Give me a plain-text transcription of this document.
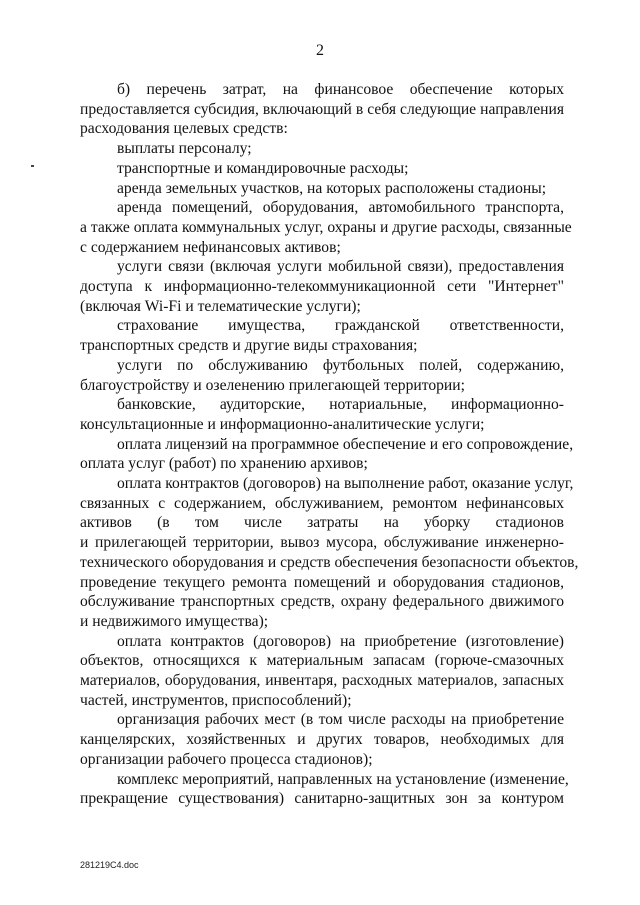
2
б) перечень затрат, на финансовое обеспечение которых
предоставляется субсидия, включающий в себя следующие направления
расходования целевых средств:
выплаты персоналу;
транспортные и командировочные расходы;
аренда земельных участков, на которых расположены стадионы;
аренда помещений, оборудования, автомобильного транспорта,
а также оплата коммунальных услуг, охраны и другие расходы, связанные
с содержанием нефинансовых активов;
услуги связи (включая услуги мобильной связи), предоставления
доступа к информационно-телекоммуникационной сети "Интернет"
(включая Wi-Fi и телематические услуги);
страхование имущества, гражданской ответственности,
транспортных средств и другие виды страхования;
услуги по обслуживанию футбольных полей, содержанию,
благоустройству и озеленению прилегающей территории;
банковские, аудиторские, нотариальные, информационно-
консультационные и информационно-аналитические услуги;
оплата лицензий на программное обеспечение и его сопровождение,
оплата услуг (работ) по хранению архивов;
оплата контрактов (договоров) на выполнение работ, оказание услуг,
связанных с содержанием, обслуживанием, ремонтом нефинансовых
активов (в том числе затраты на уборку стадионов
и прилегающей территории, вывоз мусора, обслуживание инженерно-
технического оборудования и средств обеспечения безопасности объектов,
проведение текущего ремонта помещений и оборудования стадионов,
обслуживание транспортных средств, охрану федерального движимого
и недвижимого имущества);
оплата контрактов (договоров) на приобретение (изготовление)
объектов, относящихся к материальным запасам (горюче-смазочных
материалов, оборудования, инвентаря, расходных материалов, запасных
частей, инструментов, приспособлений);
организация рабочих мест (в том числе расходы на приобретение
канцелярских, хозяйственных и других товаров, необходимых для
организации рабочего процесса стадионов);
комплекс мероприятий, направленных на установление (изменение,
прекращение существования) санитарно-защитных зон за контуром
281219C4.doc
